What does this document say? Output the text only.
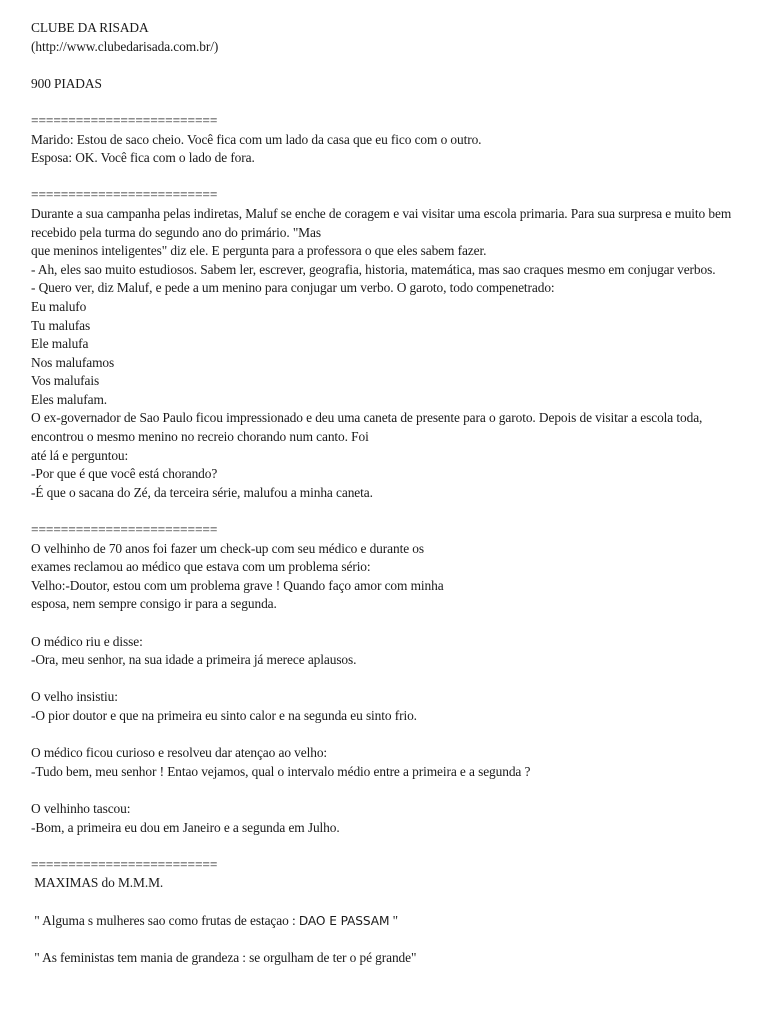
CLUBE DA RISADA
(http://www.clubedarisada.com.br/)
900 PIADAS
=========================
Marido: Estou de saco cheio. Você fica com um lado da casa que eu fico com o outro.
Esposa: OK. Você fica com o lado de fora.
=========================
Durante a sua campanha pelas indiretas, Maluf se enche de coragem e vai visitar uma escola primaria. Para sua surpresa e muito bem recebido pela turma do segundo ano do primário. "Mas
que meninos inteligentes" diz ele. E pergunta para a professora o que eles sabem fazer.
- Ah, eles sao muito estudiosos. Sabem ler, escrever, geografia, historia, matemática, mas sao craques mesmo em conjugar verbos.
- Quero ver, diz Maluf, e pede a um menino para conjugar um verbo. O garoto, todo compenetrado:
Eu malufo
Tu malufas
Ele malufa
Nos malufamos
Vos malufais
Eles malufam.
O ex-governador de Sao Paulo ficou impressionado e deu uma caneta de presente para o garoto. Depois de visitar a escola toda, encontrou o mesmo menino no recreio chorando num canto. Foi
até lá e perguntou:
-Por que é que você está chorando?
-É que o sacana do Zé, da terceira série, malufou a minha caneta.
=========================
O velhinho de 70 anos foi fazer um check-up com seu médico e durante os
exames reclamou ao médico que estava com um problema sério:
Velho:-Doutor, estou com um problema grave ! Quando faço amor com minha
esposa, nem sempre consigo ir para a segunda.
O médico riu e disse:
-Ora, meu senhor, na sua idade a primeira já merece aplausos.
O velho insistiu:
-O pior doutor e que na primeira eu sinto calor e na segunda eu sinto frio.
O médico ficou curioso e resolveu dar atençao ao velho:
-Tudo bem, meu senhor ! Entao vejamos, qual o intervalo médio entre a primeira e a segunda ?
O velhinho tascou:
-Bom, a primeira eu dou em Janeiro e a segunda em Julho.
=========================
MAXIMAS do M.M.M.
" Alguma s mulheres sao como frutas de estaçao : DAO E PASSAM "
" As feministas tem mania de grandeza : se orgulham de ter o pé grande"
